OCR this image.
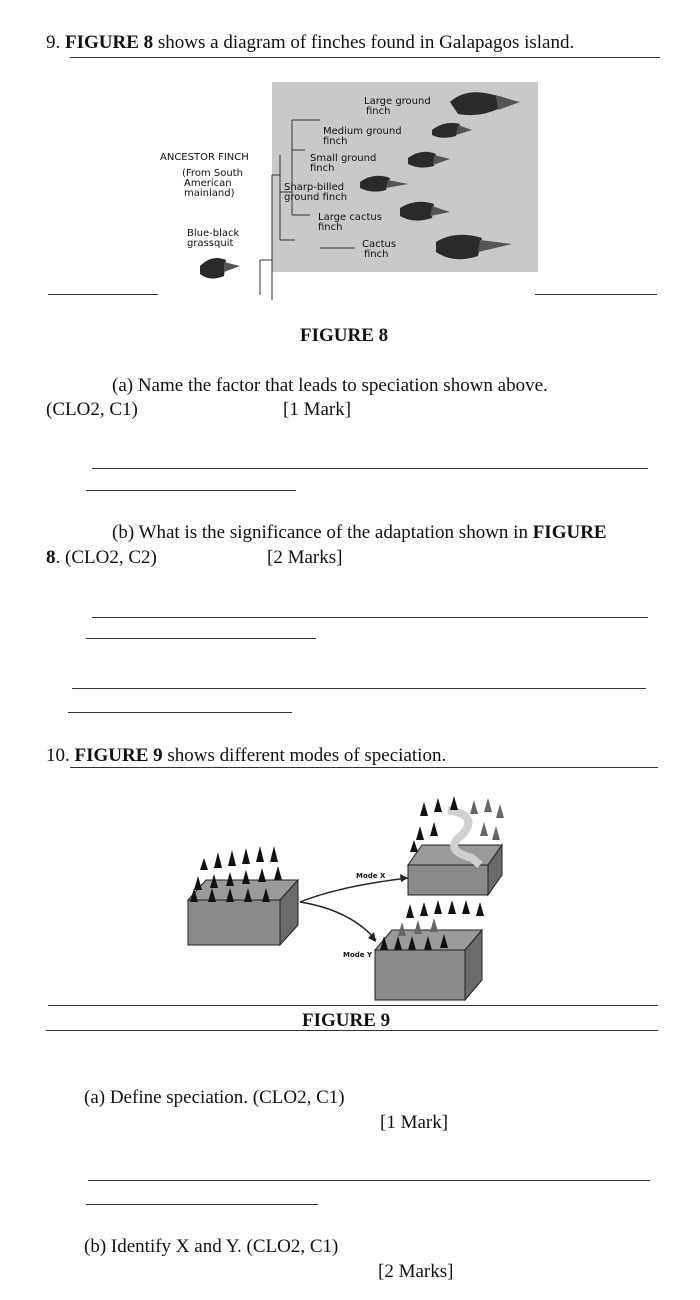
9. FIGURE 8 shows a diagram of finches found in Galapagos island.
ANCESTOR FINCH
(From South
American
mainland)
Blue-black
grassquit
Large ground
finch
Medium ground
finch
Small ground
finch
Sharp-billed
ground finch
Large cactus
finch
Cactus
finch
FIGURE 8
(a) Name the factor that leads to speciation shown above.
(CLO2, C1)	[1 Mark]
(b) What is the significance of the adaptation shown in FIGURE
8. (CLO2, C2)	[2 Marks]
10. FIGURE 9 shows different modes of speciation.
Mode X
Mode Y
FIGURE 9
(a) Define speciation. (CLO2, C1)
[1 Mark]
(b) Identify X and Y. (CLO2, C1)
[2 Marks]
